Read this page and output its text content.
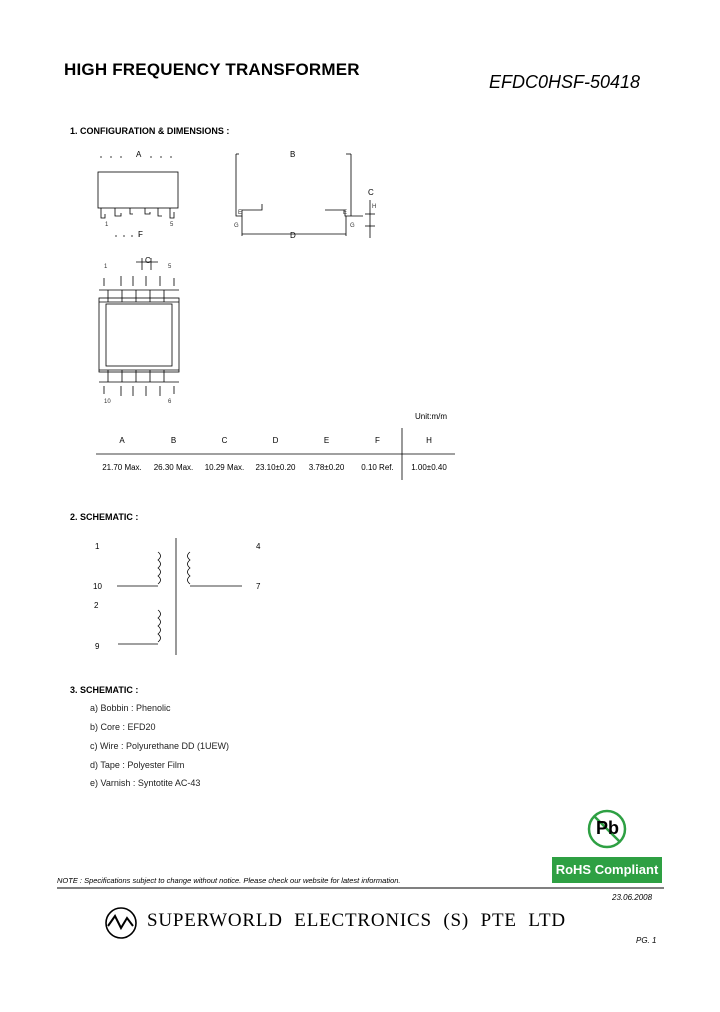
HIGH FREQUENCY TRANSFORMER
EFDC0HSF-50418
1. CONFIGURATION & DIMENSIONS :
A
F
1	5
B
D
C
E	E
G	G
H
C
1	5
10	6
Unit:m/m
A	B	C	D	E	F	H
21.70 Max.	26.30 Max.	10.29 Max.	23.10±0.20	3.78±0.20	0.10 Ref.	1.00±0.40
2. SCHEMATIC :
1
10
2
9
4
7
3. SCHEMATIC :
a) Bobbin : Phenolic
b) Core : EFD20
c) Wire : Polyurethane DD (1UEW)
d) Tape : Polyester Film
e) Varnish : Syntotite AC-43
Pb
RoHS Compliant
NOTE : Specifications subject to change without notice. Please check our website for latest information.
23.06.2008
SUPERWORLD ELECTRONICS (S) PTE LTD
PG. 1
